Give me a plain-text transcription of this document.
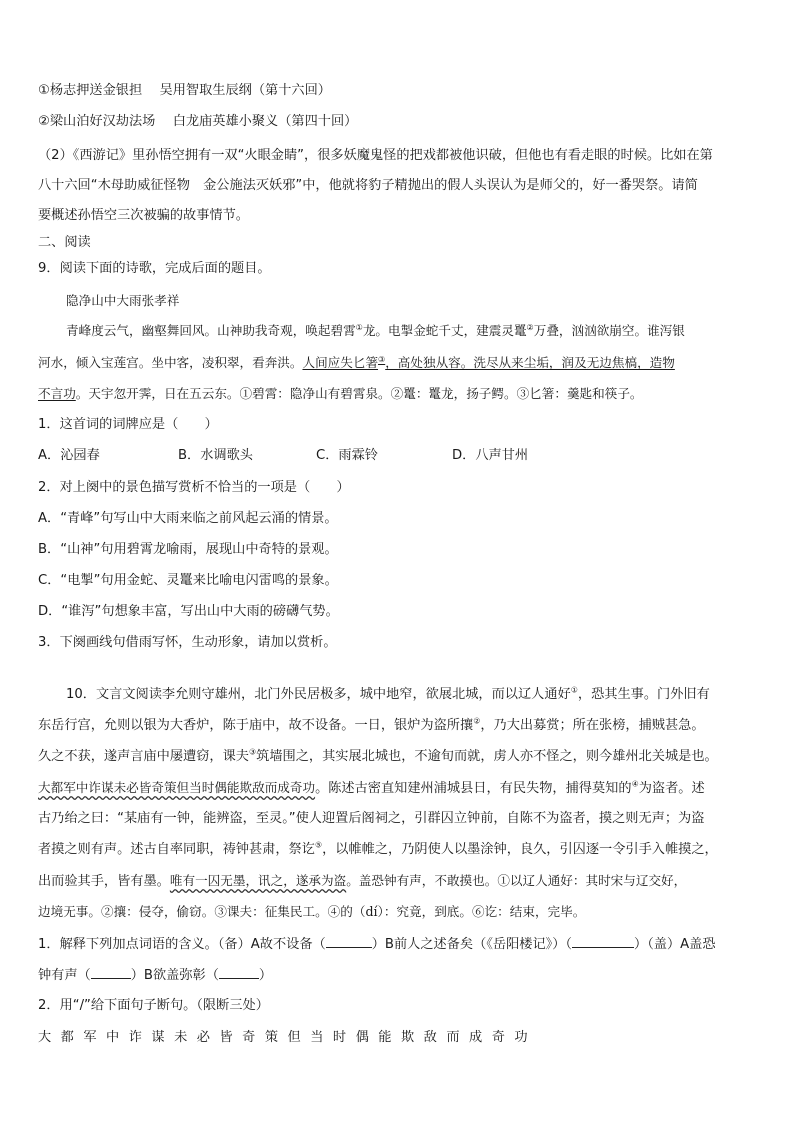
①杨志押送金银担　 吴用智取生辰纲（第十六回）
②梁山泊好汉劫法场　 白龙庙英雄小聚义（第四十回）
（2）《西游记》里孙悟空拥有一双“火眼金睛”，很多妖魔鬼怪的把戏都被他识破，但他也有看走眼的时候。比如在第
八十六回“木母助威征怪物　金公施法灭妖邪”中，他就将豹子精抛出的假人头误认为是师父的，好一番哭祭。请简
要概述孙悟空三次被骗的故事情节。
二、阅读
9．阅读下面的诗歌，完成后面的题目。
隐净山中大雨张孝祥
青峰度云气，幽壑舞回风。山神助我奇观，唤起碧霄①龙。电掣金蛇千丈，建震灵鼍②万叠，汹汹欲崩空。谁泻银
河水，倾入宝莲宫。坐中客，凌积翠，看奔洪。人间应失匕箸③，高处独从容。洗尽从来尘垢，润及无边焦槁，造物
不言功。天宇忽开霁，日在五云东。①碧霄：隐净山有碧霄泉。②鼍：鼍龙，扬子鳄。③匕箸：羹匙和筷子。
1．这首词的词牌应是（　　）
A．沁园春	B．水调歌头	C．雨霖铃	D．八声甘州
2．对上阕中的景色描写赏析不恰当的一项是（　　）
A．“青峰”句写山中大雨来临之前风起云涌的情景。
B．“山神”句用碧霄龙喻雨，展现山中奇特的景观。
C．“电掣”句用金蛇、灵鼍来比喻电闪雷鸣的景象。
D．“谁泻”句想象丰富，写出山中大雨的磅礴气势。
3．下阕画线句借雨写怀，生动形象，请加以赏析。
10．文言文阅读李允则守雄州，北门外民居极多，城中地窄，欲展北城，而以辽人通好①，恐其生事。门外旧有
东岳行宫，允则以银为大香炉，陈于庙中，故不设备。一日，银炉为盗所攘②，乃大出募赏；所在张榜，捕贼甚急。
久之不获，遂声言庙中屡遭窃，课夫③筑墙围之，其实展北城也，不逾旬而就，虏人亦不怪之，则今雄州北关城是也。
大都军中诈谋未必皆奇策但当时偶能欺敌而成奇功。陈述古密直知建州浦城县日，有民失物，捕得莫知的④为盗者。述
古乃绐之曰：“某庙有一钟，能辨盗，至灵。”使人迎置后阁祠之，引群囚立钟前，自陈不为盗者，摸之则无声；为盗
者摸之则有声。述古自率同职，祷钟甚肃，祭讫⑤，以帷帷之，乃阴使人以墨涂钟，良久，引囚逐一令引手入帷摸之，
出而验其手，皆有墨。唯有一囚无墨，讯之，遂承为盗。盖恐钟有声，不敢摸也。①以辽人通好：其时宋与辽交好，
边境无事。②攘：侵夺，偷窃。③课夫：征集民工。④的（dí）：究竟，到底。⑥讫：结束，完毕。
1．解释下列加点词语的含义。（备）A故不设备（	）B前人之述备矣（《岳阳楼记》）（	）（盖）A盖恐
钟有声（	）B欲盖弥彰（	）
2．用“/”给下面句子断句。（限断三处）
大都军中诈谋未必皆奇策但当时偶能欺敌而成奇功
